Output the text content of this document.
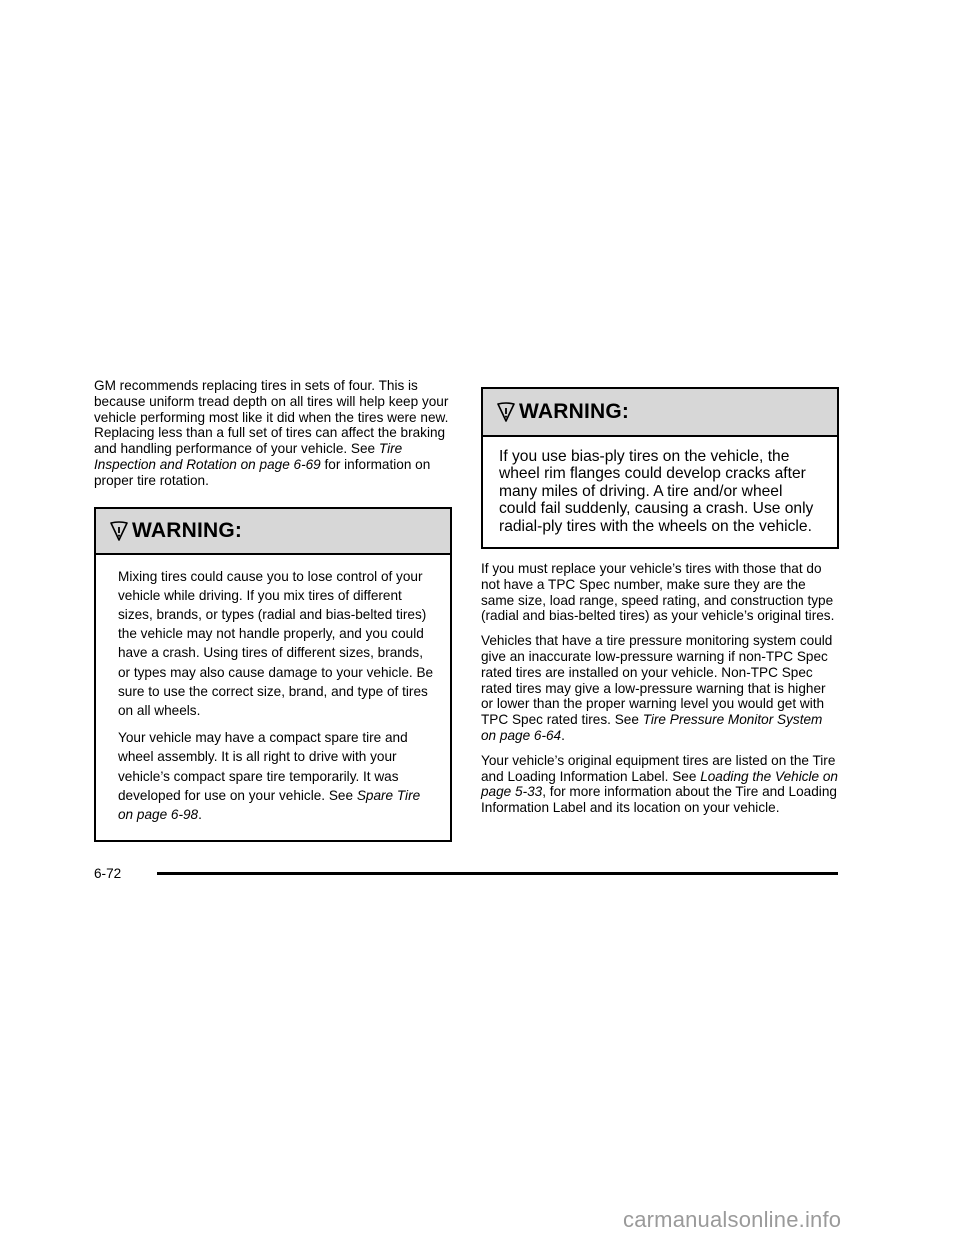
GM recommends replacing tires in sets of four. This is because uniform tread depth on all tires will help keep your vehicle performing most like it did when the tires were new. Replacing less than a full set of tires can affect the braking and handling performance of your vehicle. See Tire Inspection and Rotation on page 6-69 for information on proper tire rotation.

WARNING:

Mixing tires could cause you to lose control of your vehicle while driving. If you mix tires of different sizes, brands, or types (radial and bias-belted tires) the vehicle may not handle properly, and you could have a crash. Using tires of different sizes, brands, or types may also cause damage to your vehicle. Be sure to use the correct size, brand, and type of tires on all wheels.

Your vehicle may have a compact spare tire and wheel assembly. It is all right to drive with your vehicle’s compact spare tire temporarily. It was developed for use on your vehicle. See Spare Tire on page 6-98.

WARNING:

If you use bias-ply tires on the vehicle, the wheel rim flanges could develop cracks after many miles of driving. A tire and/or wheel could fail suddenly, causing a crash. Use only radial-ply tires with the wheels on the vehicle.

If you must replace your vehicle’s tires with those that do not have a TPC Spec number, make sure they are the same size, load range, speed rating, and construction type (radial and bias-belted tires) as your vehicle’s original tires.

Vehicles that have a tire pressure monitoring system could give an inaccurate low-pressure warning if non-TPC Spec rated tires are installed on your vehicle. Non-TPC Spec rated tires may give a low-pressure warning that is higher or lower than the proper warning level you would get with TPC Spec rated tires. See Tire Pressure Monitor System on page 6-64.

Your vehicle’s original equipment tires are listed on the Tire and Loading Information Label. See Loading the Vehicle on page 5-33, for more information about the Tire and Loading Information Label and its location on your vehicle.

6-72
carmanualsonline.info
